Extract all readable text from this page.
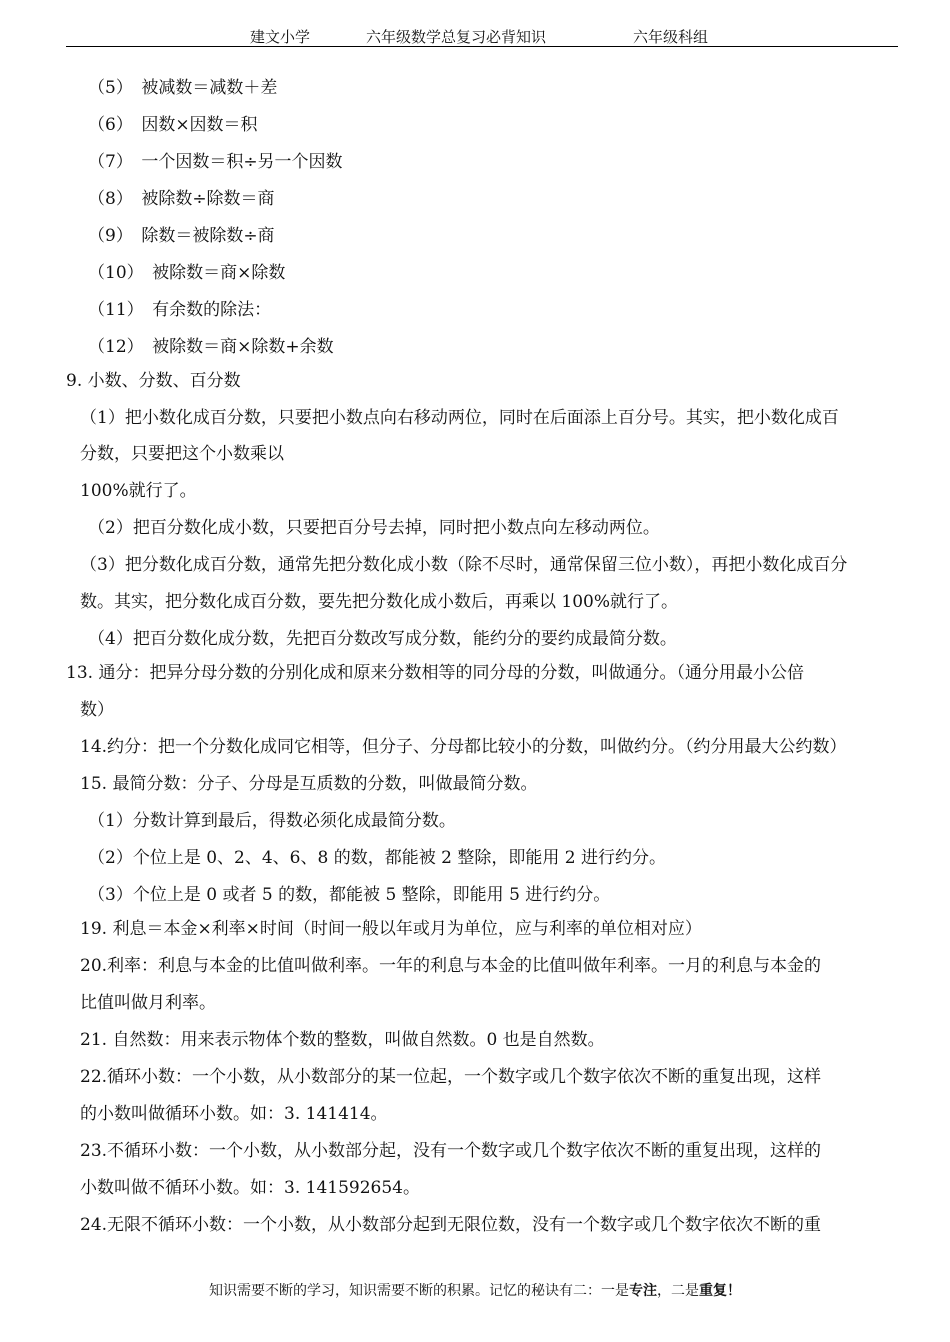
建文小学	六年级数学总复习必背知识	六年级科组
（5）　被减数＝减数＋差
（6）　因数×因数＝积
（7）　一个因数＝积÷另一个因数
（8）　被除数÷除数＝商
（9）　除数＝被除数÷商
（10）　被除数＝商×除数
（11）　有余数的除法：
（12）　被除数＝商×除数+余数
9. 小数、分数、百分数
（1）把小数化成百分数，只要把小数点向右移动两位，同时在后面添上百分号。其实，把小数化成百
分数，只要把这个小数乘以
100%就行了。
（2）把百分数化成小数，只要把百分号去掉，同时把小数点向左移动两位。
（3）把分数化成百分数，通常先把分数化成小数（除不尽时，通常保留三位小数），再把小数化成百分
数。其实，把分数化成百分数，要先把分数化成小数后，再乘以 100%就行了。
（4）把百分数化成分数，先把百分数改写成分数，能约分的要约成最简分数。
13. 通分：把异分母分数的分别化成和原来分数相等的同分母的分数，叫做通分。（通分用最小公倍
数）
14.约分：把一个分数化成同它相等，但分子、分母都比较小的分数，叫做约分。（约分用最大公约数）
15. 最简分数：分子、分母是互质数的分数，叫做最简分数。
（1）分数计算到最后，得数必须化成最简分数。
（2）个位上是 0、2、4、6、8 的数，都能被 2 整除，即能用 2 进行约分。
（3）个位上是 0 或者 5 的数，都能被 5 整除，即能用 5 进行约分。
19. 利息＝本金×利率×时间（时间一般以年或月为单位，应与利率的单位相对应）
20.利率：利息与本金的比值叫做利率。一年的利息与本金的比值叫做年利率。一月的利息与本金的
比值叫做月利率。
21. 自然数：用来表示物体个数的整数，叫做自然数。0 也是自然数。
22.循环小数：一个小数，从小数部分的某一位起，一个数字或几个数字依次不断的重复出现，这样
的小数叫做循环小数。如：3. 141414。
23.不循环小数：一个小数，从小数部分起，没有一个数字或几个数字依次不断的重复出现，这样的
小数叫做不循环小数。如：3. 141592654。
24.无限不循环小数：一个小数，从小数部分起到无限位数，没有一个数字或几个数字依次不断的重
知识需要不断的学习，知识需要不断的积累。记忆的秘诀有二：一是专注，二是重复！
